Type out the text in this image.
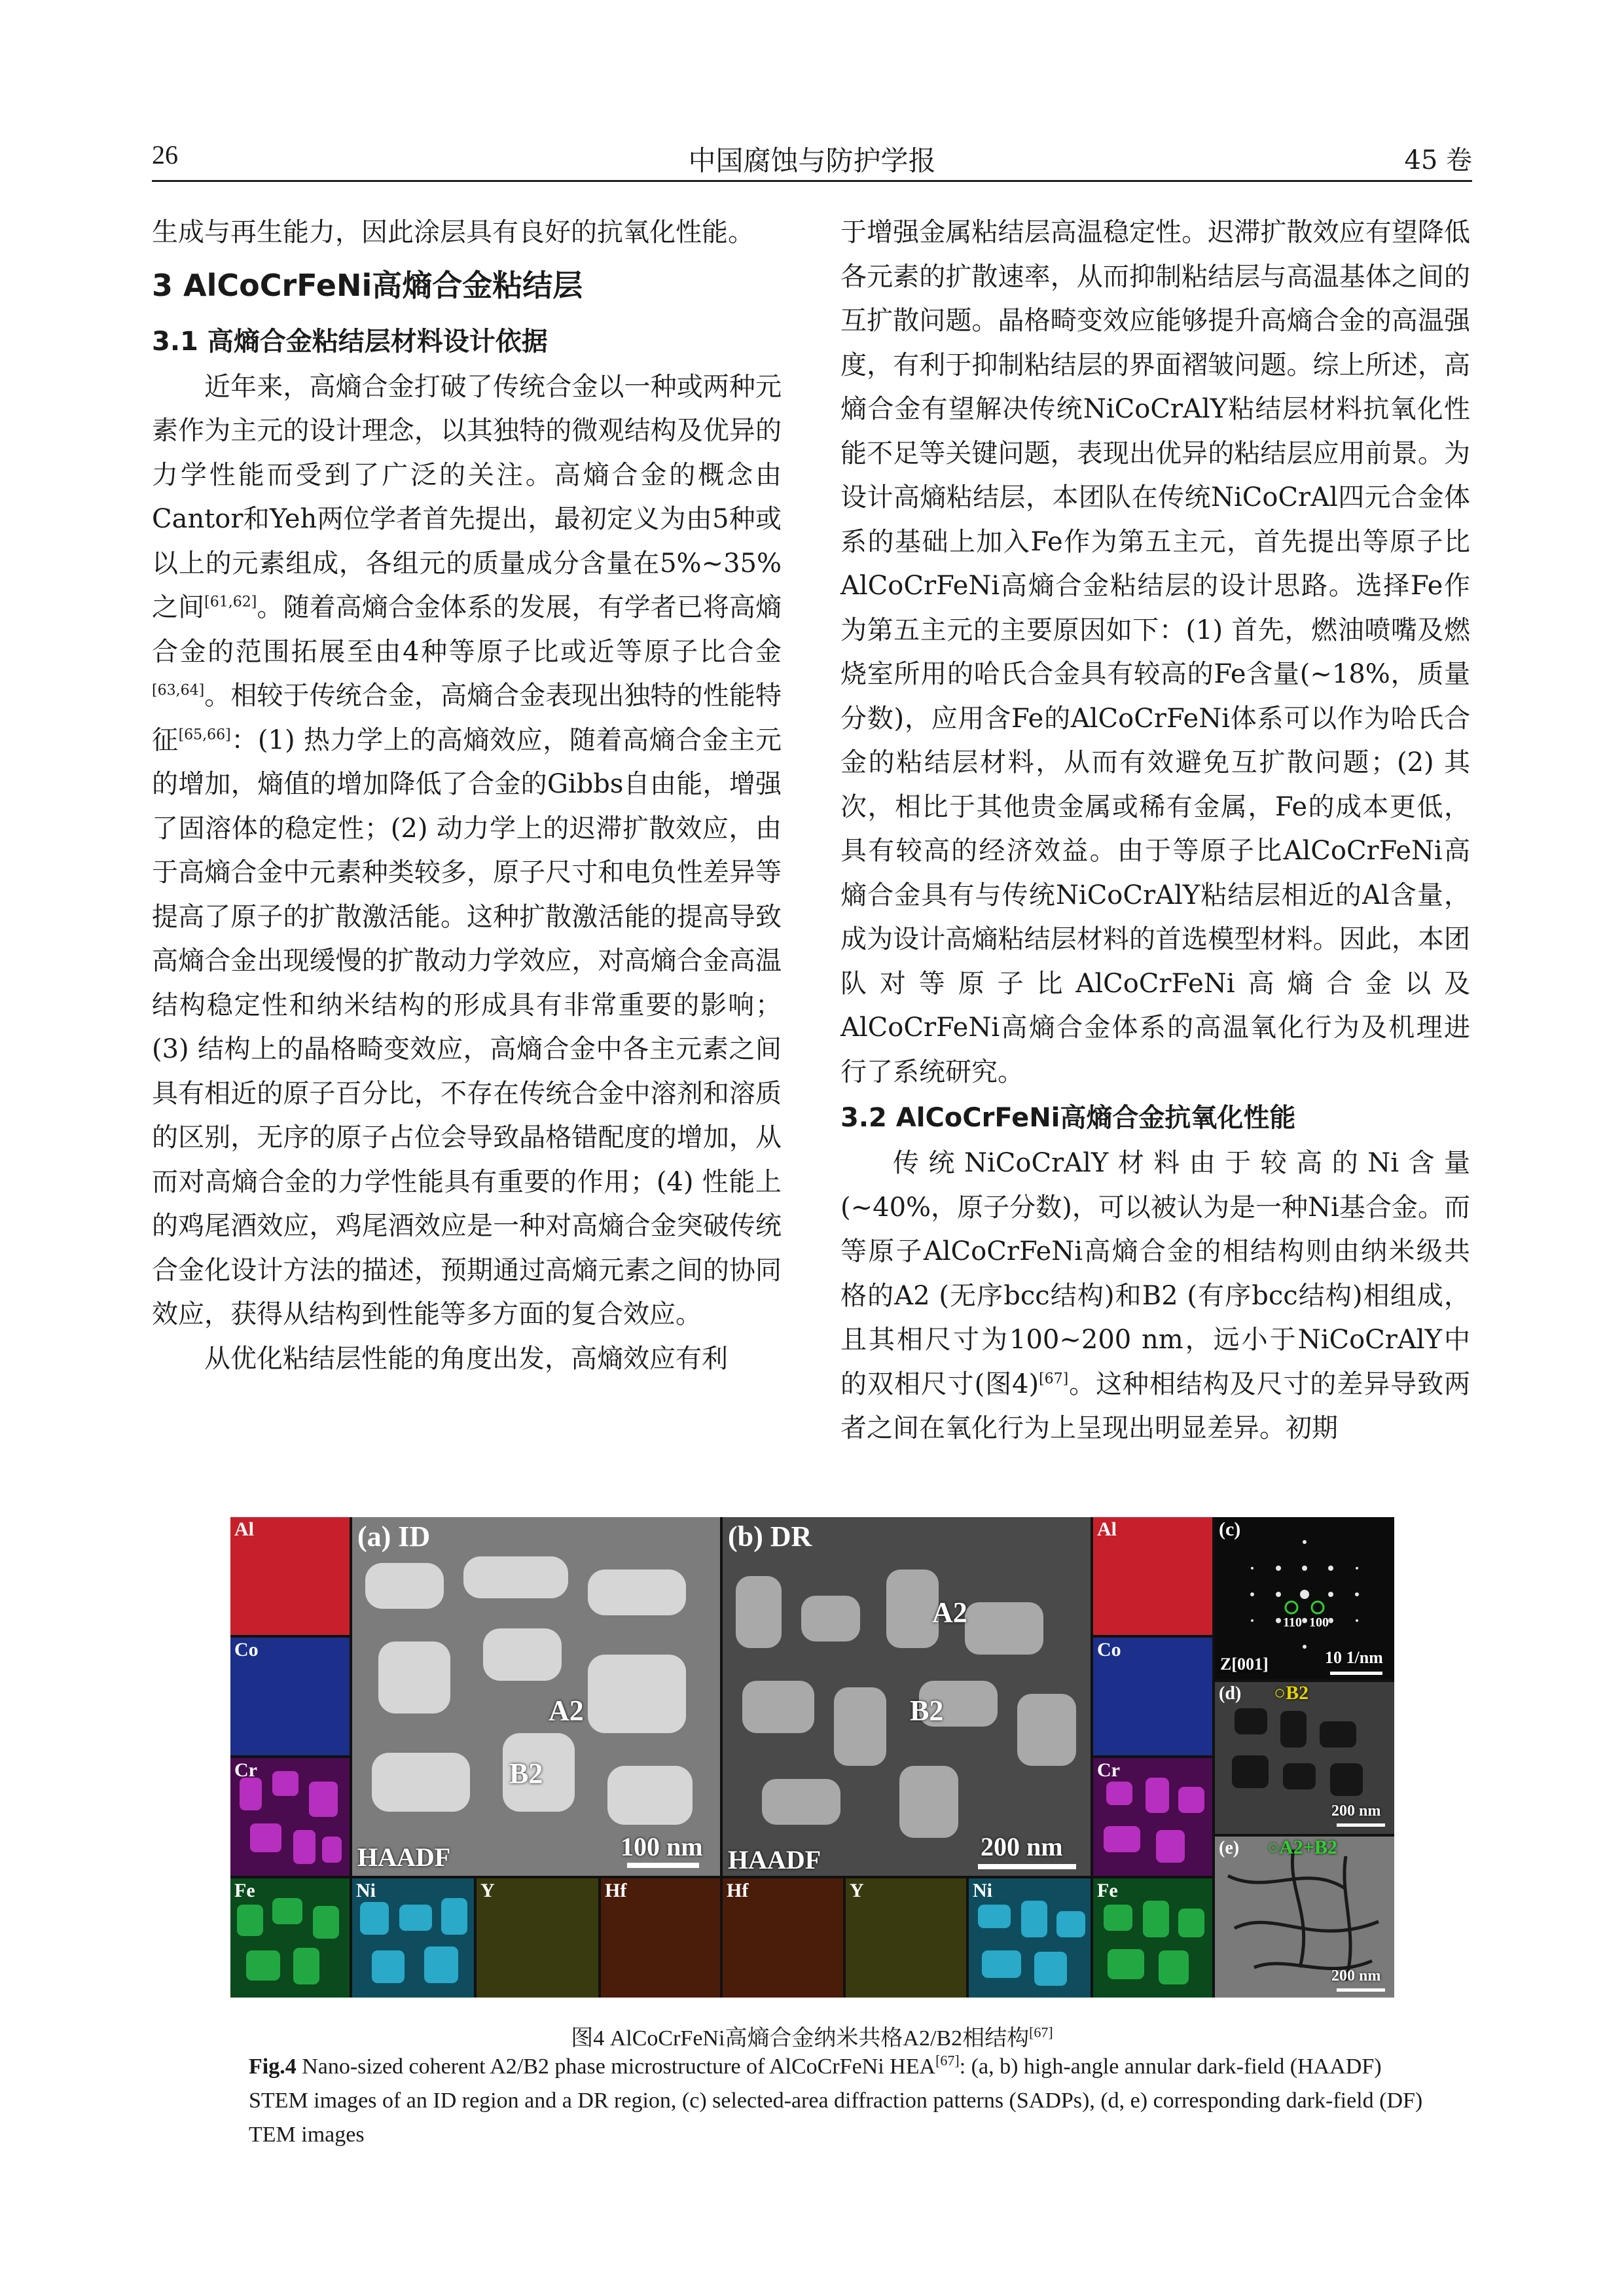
26	中国腐蚀与防护学报	45 卷

生成与再生能力，因此涂层具有良好的抗氧化性能。

3 AlCoCrFeNi高熵合金粘结层
3.1 高熵合金粘结层材料设计依据

近年来，高熵合金打破了传统合金以一种或两种元素作为主元的设计理念，以其独特的微观结构及优异的力学性能而受到了广泛的关注。高熵合金的概念由Cantor和Yeh两位学者首先提出，最初定义为由5种或以上的元素组成，各组元的质量成分含量在5%~35%之间[61,62]。随着高熵合金体系的发展，有学者已将高熵合金的范围拓展至由4种等原子比或近等原子比合金[63,64]。相较于传统合金，高熵合金表现出独特的性能特征[65,66]：(1) 热力学上的高熵效应，随着高熵合金主元的增加，熵值的增加降低了合金的Gibbs自由能，增强了固溶体的稳定性；(2) 动力学上的迟滞扩散效应，由于高熵合金中元素种类较多，原子尺寸和电负性差异等提高了原子的扩散激活能。这种扩散激活能的提高导致高熵合金出现缓慢的扩散动力学效应，对高熵合金高温结构稳定性和纳米结构的形成具有非常重要的影响；(3) 结构上的晶格畸变效应，高熵合金中各主元素之间具有相近的原子百分比，不存在传统合金中溶剂和溶质的区别，无序的原子占位会导致晶格错配度的增加，从而对高熵合金的力学性能具有重要的作用；(4) 性能上的鸡尾酒效应，鸡尾酒效应是一种对高熵合金突破传统合金化设计方法的描述，预期通过高熵元素之间的协同效应，获得从结构到性能等多方面的复合效应。

从优化粘结层性能的角度出发，高熵效应有利

于增强金属粘结层高温稳定性。迟滞扩散效应有望降低各元素的扩散速率，从而抑制粘结层与高温基体之间的互扩散问题。晶格畸变效应能够提升高熵合金的高温强度，有利于抑制粘结层的界面褶皱问题。综上所述，高熵合金有望解决传统NiCoCrAlY粘结层材料抗氧化性能不足等关键问题，表现出优异的粘结层应用前景。为设计高熵粘结层，本团队在传统NiCoCrAl四元合金体系的基础上加入Fe作为第五主元，首先提出等原子比AlCoCrFeNi高熵合金粘结层的设计思路。选择Fe作为第五主元的主要原因如下：(1) 首先，燃油喷嘴及燃烧室所用的哈氏合金具有较高的Fe含量(~18%，质量分数)，应用含Fe的AlCoCrFeNi体系可以作为哈氏合金的粘结层材料，从而有效避免互扩散问题；(2) 其次，相比于其他贵金属或稀有金属，Fe的成本更低，具有较高的经济效益。由于等原子比AlCoCrFeNi高熵合金具有与传统NiCoCrAlY粘结层相近的Al含量，成为设计高熵粘结层材料的首选模型材料。因此，本团队对等原子比AlCoCrFeNi高熵合金以及AlCoCrFeNi高熵合金体系的高温氧化行为及机理进行了系统研究。

3.2 AlCoCrFeNi高熵合金抗氧化性能

传统NiCoCrAlY材料由于较高的Ni含量(~40%，原子分数)，可以被认为是一种Ni基合金。而等原子AlCoCrFeNi高熵合金的相结构则由纳米级共格的A2 (无序bcc结构)和B2 (有序bcc结构)相组成，且其相尺寸为100~200 nm，远小于NiCoCrAlY中的双相尺寸(图4)[67]。这种相结构及尺寸的差异导致两者之间在氧化行为上呈现出明显差异。初期

Al
Co
Cr
Fe
(a) ID
A2
B2
HAADF	100 nm
(b) DR
A2
B2
HAADF	200 nm
Ni	Y	Hf	Hf	Y	Ni
Al
Co
Cr
Fe
(c)
110 100
Z[001]	10 1/nm
(d) ○B2
200 nm
(e) ○A2+B2
200 nm
图4 AlCoCrFeNi高熵合金纳米共格A2/B2相结构[67]
Fig.4 Nano-sized coherent A2/B2 phase microstructure of AlCoCrFeNi HEA[67]: (a, b) high-angle annular dark-field (HAADF) STEM images of an ID region and a DR region, (c) selected-area diffraction patterns (SADPs), (d, e) corresponding dark-field (DF) TEM images
